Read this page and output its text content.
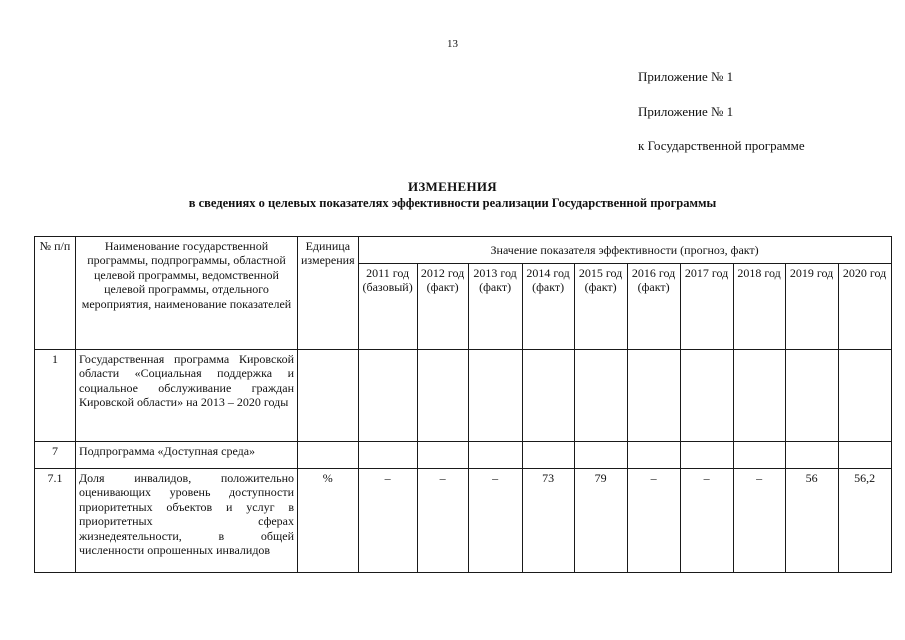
13
Приложение № 1
Приложение № 1
к Государственной программе
ИЗМЕНЕНИЯ
в сведениях о целевых показателях эффективности реализации Государственной программы
№ п/п	Наименование государственной программы, подпрограммы, областной целевой программы, ведомственной целевой программы, отдельного мероприятия, наименование показателей	Единица измерения	Значение показателя эффективности (прогноз, факт)									
			2011 год (базовый)	2012 год (факт)	2013 год (факт)	2014 год (факт)	2015 год (факт)	2016 год (факт)	2017 год	2018 год	2019 год	2020 год
1	Государственная программа Кировской области «Социальная поддержка и социальное обслуживание граждан Кировской области» на 2013 – 2020 годы											
7	Подпрограмма «Доступная среда»											
7.1	Доля инвалидов, положительно оценивающих уровень доступности приоритетных объектов и услуг в приоритетных сферах жизнедеятельности, в общей численности опрошенных инвалидов	%	–	–	–	73	79	–	–	–	56	56,2
